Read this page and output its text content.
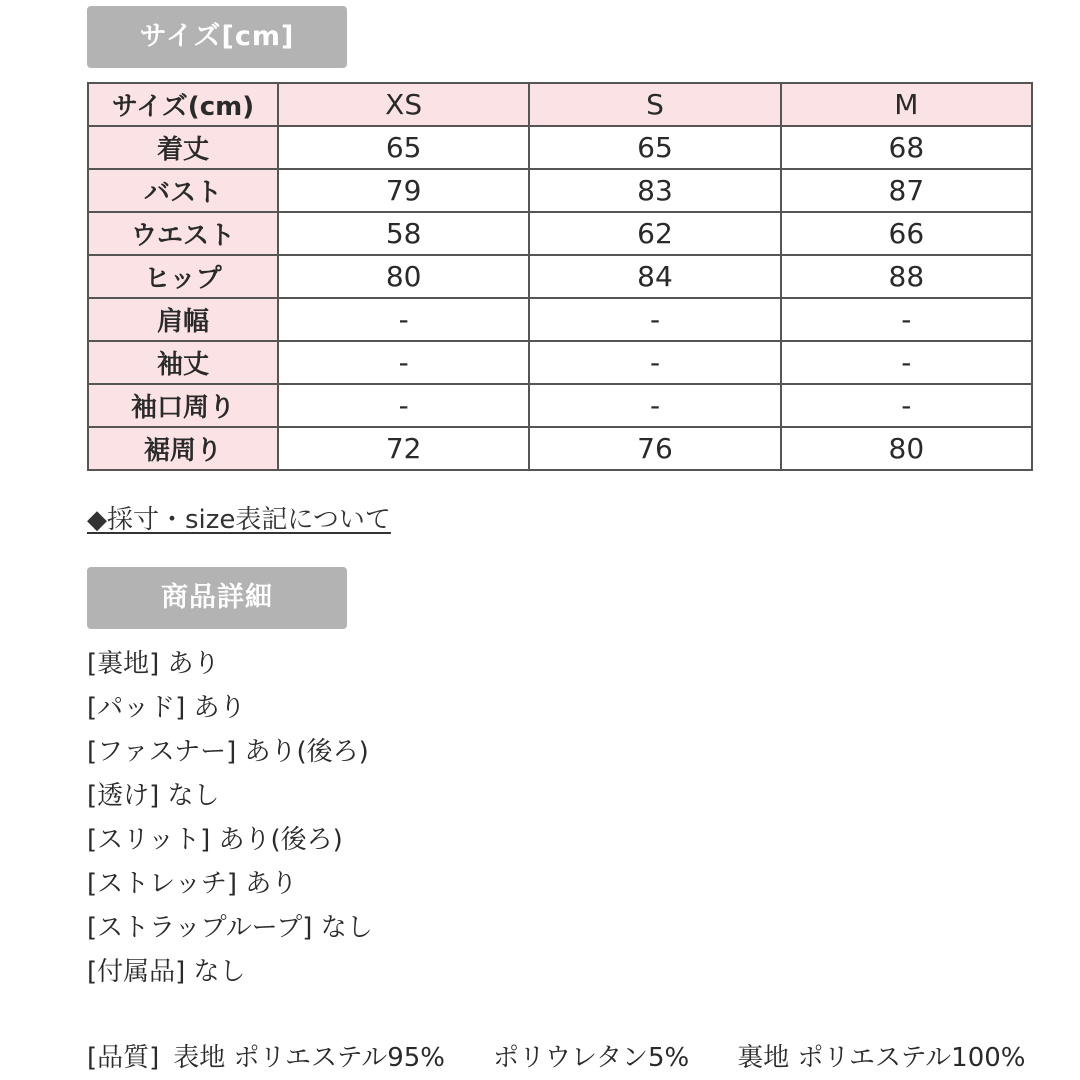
サイズ[cm]
サイズ(cm)	XS	S	M
着丈	65	65	68
バスト	79	83	87
ウエスト	58	62	66
ヒップ	80	84	88
肩幅	-	-	-
袖丈	-	-	-
袖口周り	-	-	-
裾周り	72	76	80
◆採寸・size表記について
商品詳細
[裏地] あり
[パッド] あり
[ファスナー] あり(後ろ)
[透け] なし
[スリット] あり(後ろ)
[ストレッチ] あり
[ストラップループ] なし
[付属品] なし
[品質] 表地 ポリエステル95% ポリウレタン5% 裏地 ポリエステル100%
